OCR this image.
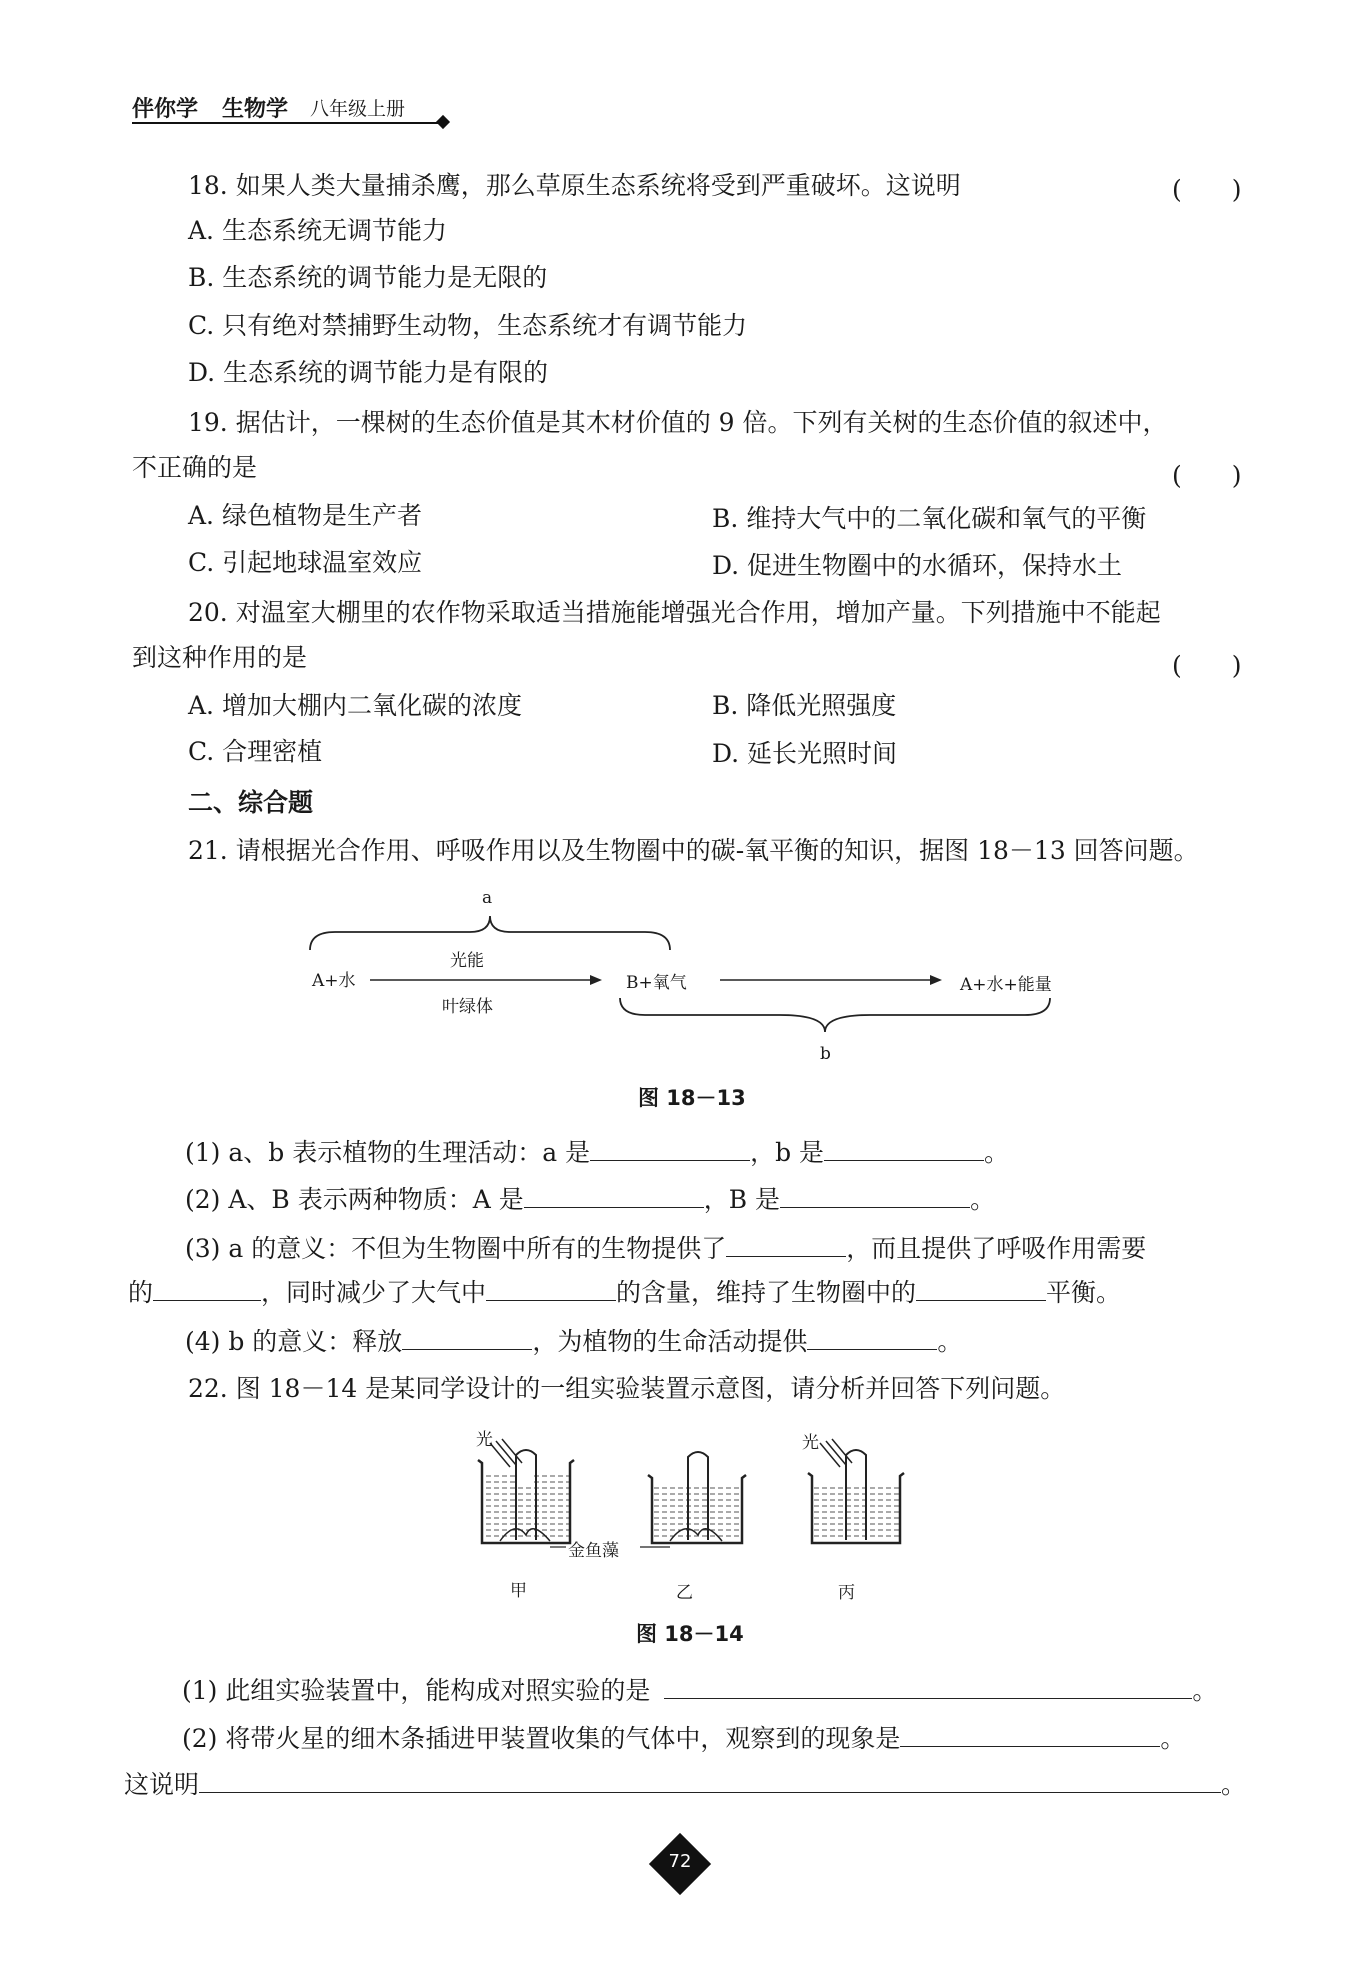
伴你学 生物学 八年级上册
18. 如果人类大量捕杀鹰，那么草原生态系统将受到严重破坏。这说明	(　　)
A. 生态系统无调节能力
B. 生态系统的调节能力是无限的
C. 只有绝对禁捕野生动物，生态系统才有调节能力
D. 生态系统的调节能力是有限的
19. 据估计，一棵树的生态价值是其木材价值的 9 倍。下列有关树的生态价值的叙述中，
不正确的是	(　　)
A. 绿色植物是生产者	B. 维持大气中的二氧化碳和氧气的平衡
C. 引起地球温室效应	D. 促进生物圈中的水循环，保持水土
20. 对温室大棚里的农作物采取适当措施能增强光合作用，增加产量。下列措施中不能起
到这种作用的是	(　　)
A. 增加大棚内二氧化碳的浓度	B. 降低光照强度
C. 合理密植	D. 延长光照时间
二、综合题
21. 请根据光合作用、呼吸作用以及生物圈中的碳-氧平衡的知识，据图 18－13 回答问题。
a
A+水
光能
叶绿体
B+氧气	A+水+能量
b
图 18－13
(1) a、b 表示植物的生理活动：a 是	，b 是	。
(2) A、B 表示两种物质：A 是	，B 是	。
(3) a 的意义：不但为生物圈中所有的生物提供了	，而且提供了呼吸作用需要
的	，同时减少了大气中	的含量，维持了生物圈中的	平衡。
(4) b 的意义：释放	，为植物的生命活动提供	。
22. 图 18－14 是某同学设计的一组实验装置示意图，请分析并回答下列问题。
光	光
金鱼藻
甲	乙	丙
图 18－14
(1) 此组实验装置中，能构成对照实验的是	。
(2) 将带火星的细木条插进甲装置收集的气体中，观察到的现象是	。
这说明	。
72
